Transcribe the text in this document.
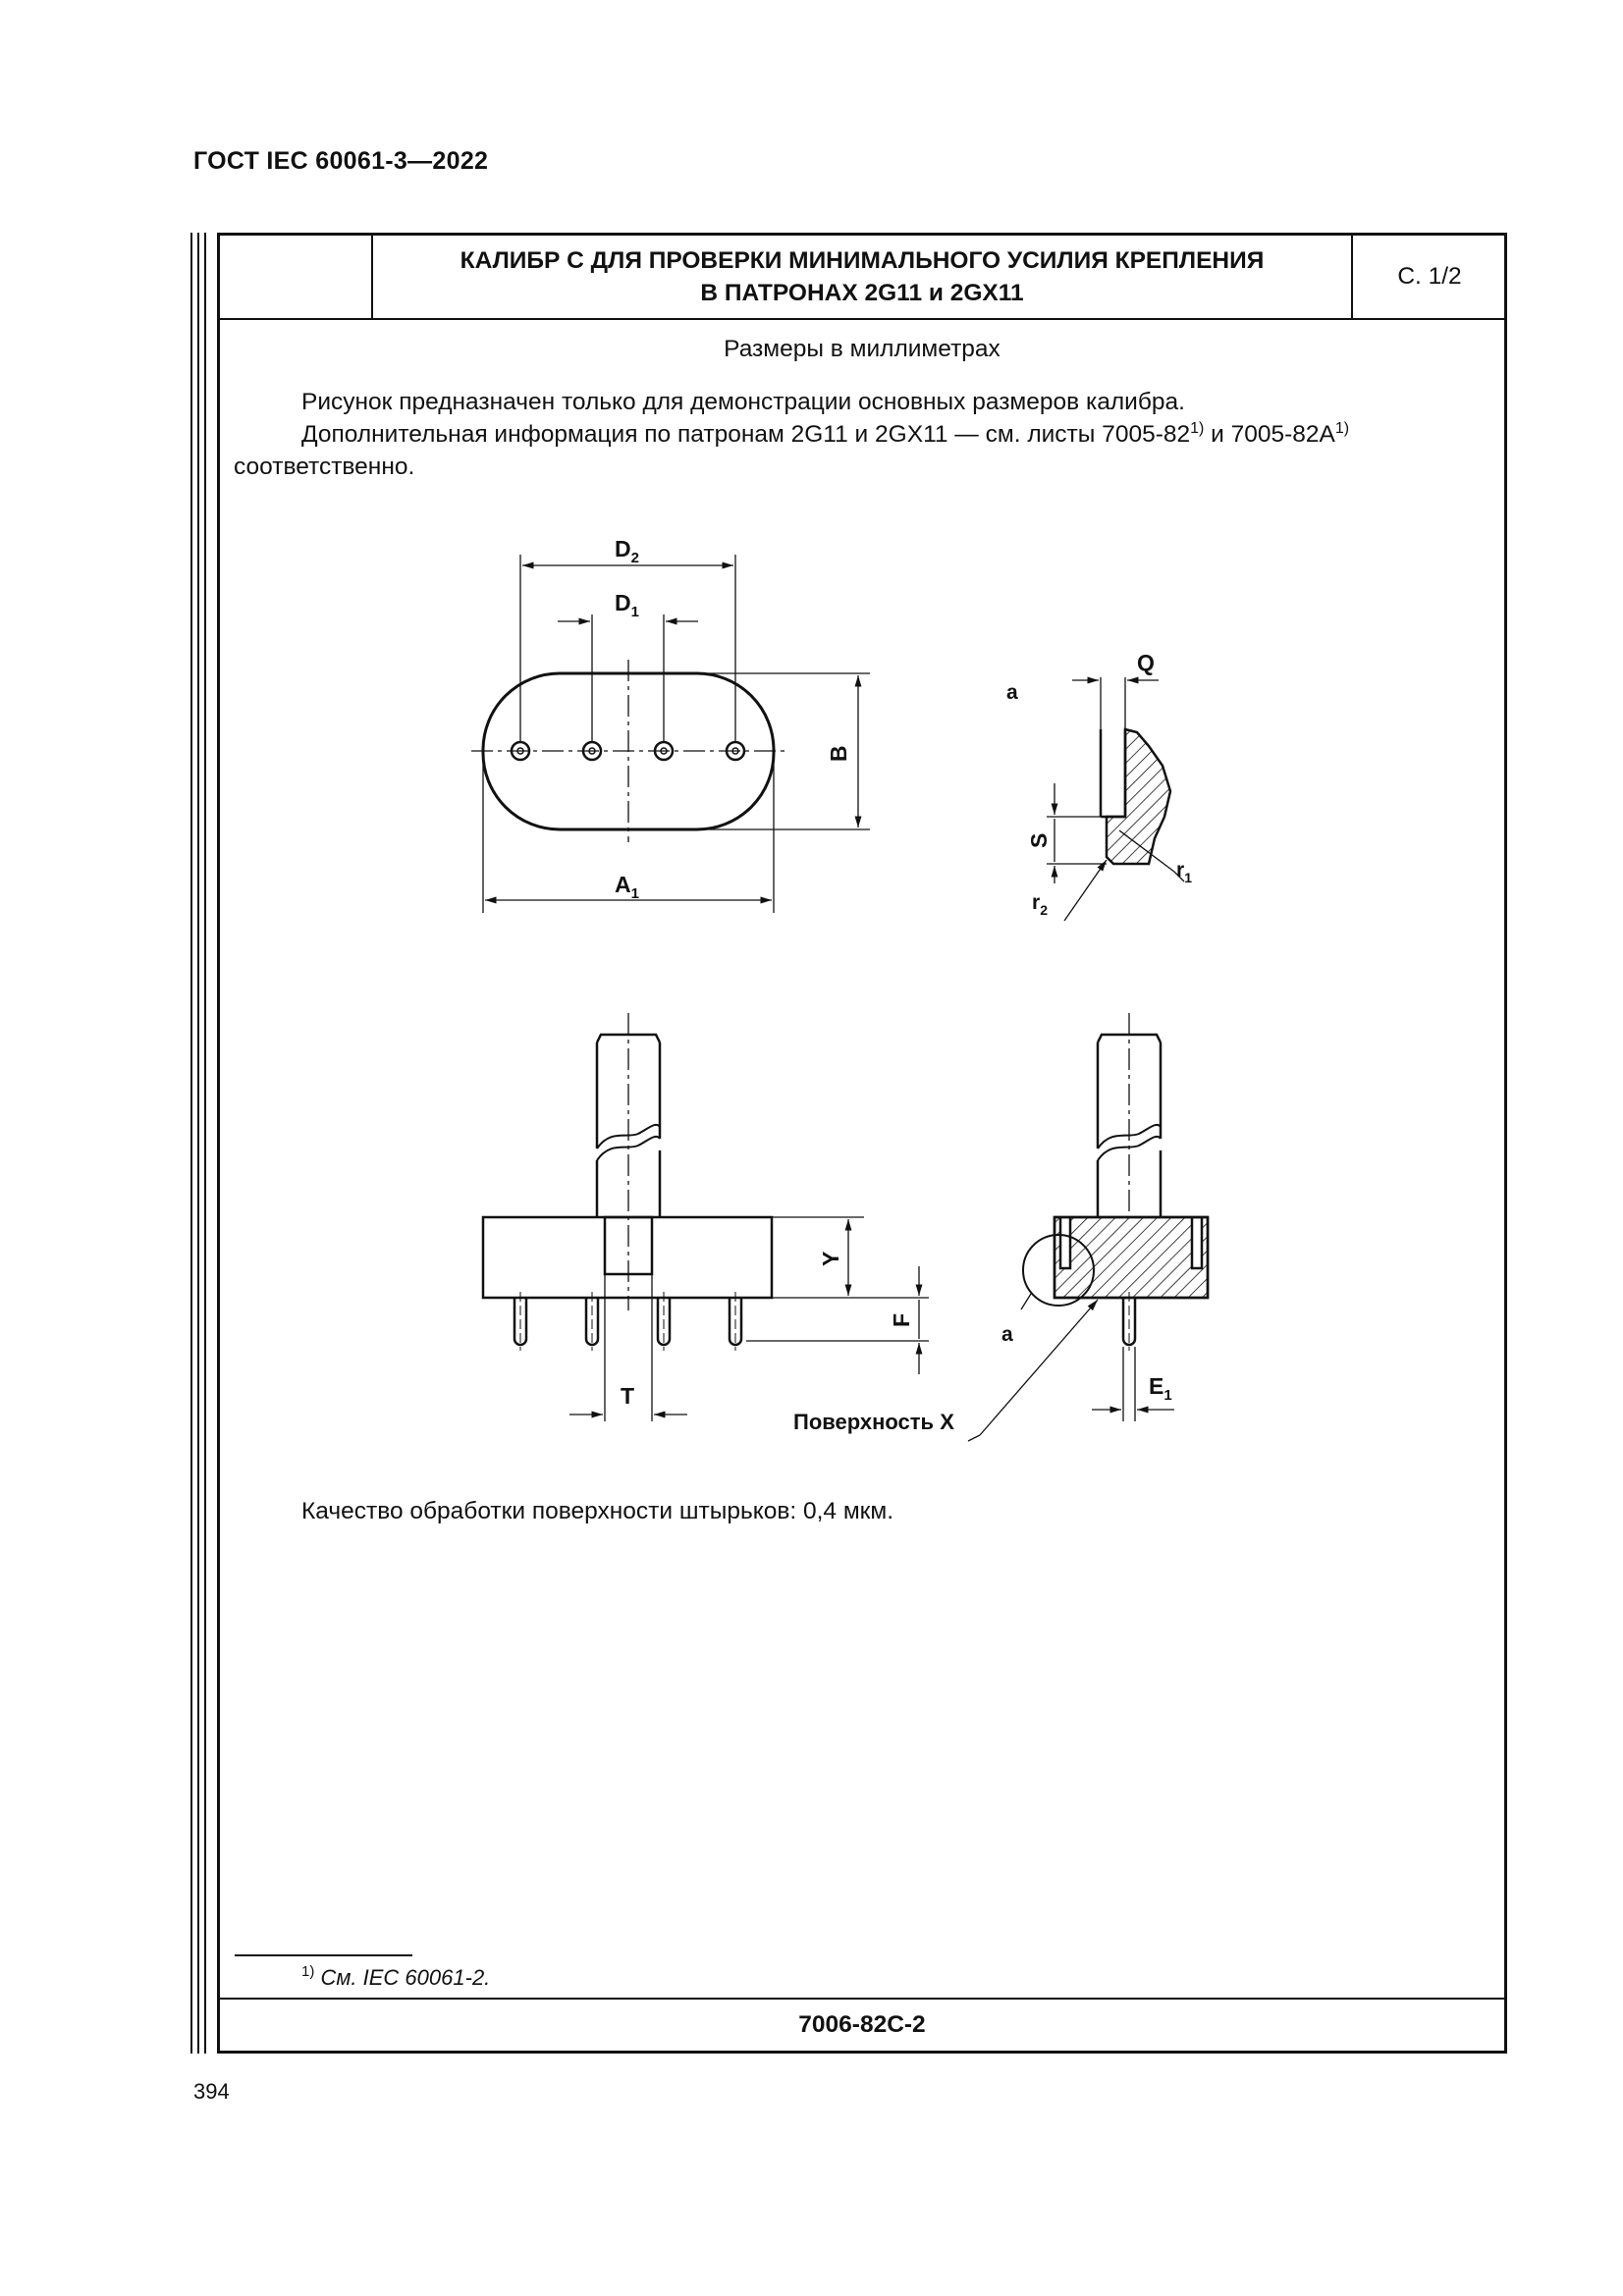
ГОСТ IEC 60061-3—2022
КАЛИБР С ДЛЯ ПРОВЕРКИ МИНИМАЛЬНОГО УСИЛИЯ КРЕПЛЕНИЯ
В ПАТРОНАХ 2G11 и 2GX11
С. 1/2
Размеры в миллиметрах
Рисунок предназначен только для демонстрации основных размеров калибра.
Дополнительная информация по патронам 2G11 и 2GX11 — см. листы 7005-82$^{1)}$ и $7005-82А^{1)}$
соответственно.
$D_2$
$D_1$
B
$A_1$
Q
a
S
$r_1$
$r_2$
Y
F
T
a
$E_1$
Поверхность X
Качество обработки поверхности штырьков: 0,4 мкм.
$^{1)}$ См. IEC 60061-2.
7006-82С-2
394
